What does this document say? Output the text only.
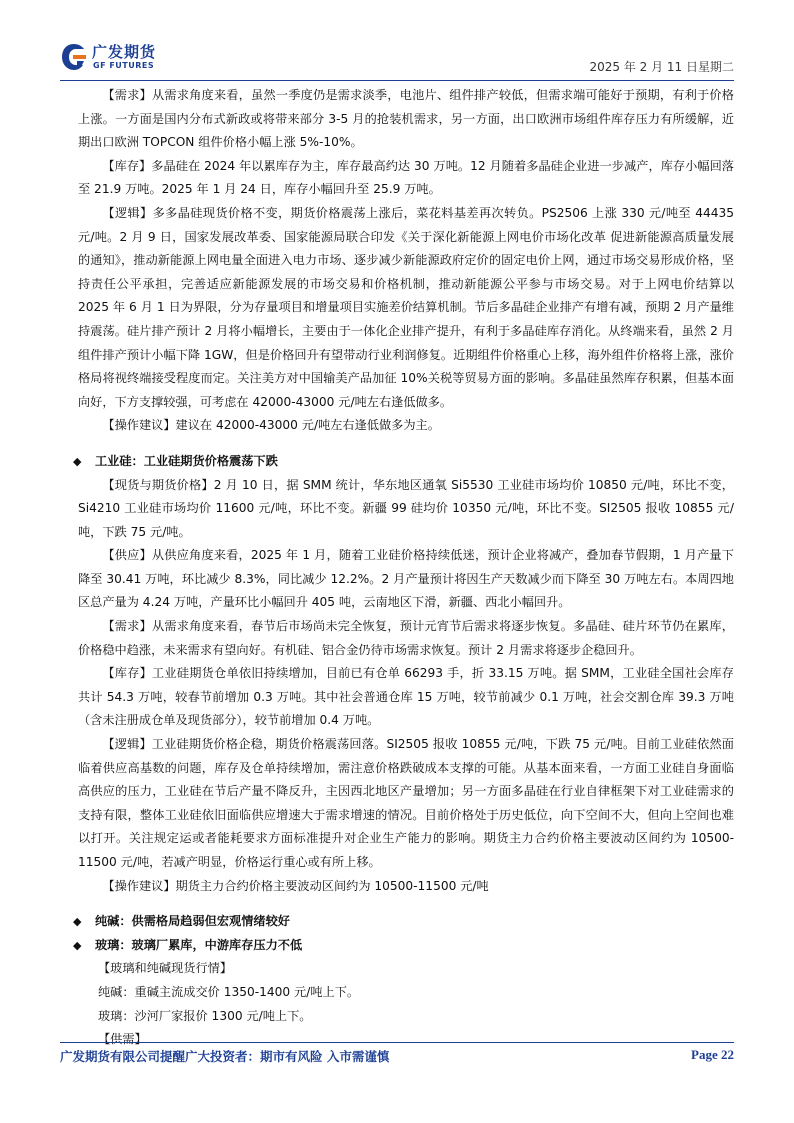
广发期货
GF FUTURES	2025 年 2 月 11 日星期二

【需求】从需求角度来看，虽然一季度仍是需求淡季，电池片、组件排产较低，但需求端可能好于预期，有利于价格上涨。一方面是国内分布式新政或将带来部分 3-5 月的抢装机需求，另一方面，出口欧洲市场组件库存压力有所缓解，近期出口欧洲 TOPCON 组件价格小幅上涨 5%-10%。

【库存】多晶硅在 2024 年以累库存为主，库存最高约达 30 万吨。12 月随着多晶硅企业进一步减产，库存小幅回落至 21.9 万吨。2025 年 1 月 24 日，库存小幅回升至 25.9 万吨。

【逻辑】多多晶硅现货价格不变，期货价格震荡上涨后，菜花料基差再次转负。PS2506 上涨 330 元/吨至 44435 元/吨。2 月 9 日，国家发展改革委、国家能源局联合印发《关于深化新能源上网电价市场化改革 促进新能源高质量发展的通知》，推动新能源上网电量全面进入电力市场、逐步减少新能源政府定价的固定电价上网，通过市场交易形成价格，坚持责任公平承担，完善适应新能源发展的市场交易和价格机制，推动新能源公平参与市场交易。对于上网电价结算以 2025 年 6 月 1 日为界限，分为存量项目和增量项目实施差价结算机制。节后多晶硅企业排产有增有减，预期 2 月产量维持震荡。硅片排产预计 2 月将小幅增长，主要由于一体化企业排产提升，有利于多晶硅库存消化。从终端来看，虽然 2 月组件排产预计小幅下降 1GW，但是价格回升有望带动行业利润修复。近期组件价格重心上移，海外组件价格将上涨，涨价格局将视终端接受程度而定。关注美方对中国输美产品加征 10%关税等贸易方面的影响。多晶硅虽然库存积累，但基本面向好，下方支撑较强，可考虑在 42000-43000 元/吨左右逢低做多。

【操作建议】建议在 42000-43000 元/吨左右逢低做多为主。

◆ 工业硅：工业硅期货价格震荡下跌

【现货与期货价格】2 月 10 日，据 SMM 统计，华东地区通氧 Si5530 工业硅市场均价 10850 元/吨，环比不变，Si4210 工业硅市场均价 11600 元/吨，环比不变。新疆 99 硅均价 10350 元/吨，环比不变。SI2505 报收 10855 元/吨，下跌 75 元/吨。

【供应】从供应角度来看，2025 年 1 月，随着工业硅价格持续低迷，预计企业将减产，叠加春节假期，1 月产量下降至 30.41 万吨，环比减少 8.3%，同比减少 12.2%。2 月产量预计将因生产天数减少而下降至 30 万吨左右。本周四地区总产量为 4.24 万吨，产量环比小幅回升 405 吨，云南地区下滑，新疆、西北小幅回升。

【需求】从需求角度来看，春节后市场尚未完全恢复，预计元宵节后需求将逐步恢复。多晶硅、硅片环节仍在累库，价格稳中趋涨，未来需求有望向好。有机硅、铝合金仍待市场需求恢复。预计 2 月需求将逐步企稳回升。

【库存】工业硅期货仓单依旧持续增加，目前已有仓单 66293 手，折 33.15 万吨。据 SMM，工业硅全国社会库存共计 54.3 万吨，较春节前增加 0.3 万吨。其中社会普通仓库 15 万吨，较节前减少 0.1 万吨，社会交割仓库 39.3 万吨（含未注册成仓单及现货部分），较节前增加 0.4 万吨。

【逻辑】工业硅期货价格企稳，期货价格震荡回落。SI2505 报收 10855 元/吨，下跌 75 元/吨。目前工业硅依然面临着供应高基数的问题，库存及仓单持续增加，需注意价格跌破成本支撑的可能。从基本面来看，一方面工业硅自身面临高供应的压力，工业硅在节后产量不降反升，主因西北地区产量增加；另一方面多晶硅在行业自律框架下对工业硅需求的支持有限，整体工业硅依旧面临供应增速大于需求增速的情况。目前价格处于历史低位，向下空间不大，但向上空间也难以打开。关注规定运或者能耗要求方面标准提升对企业生产能力的影响。期货主力合约价格主要波动区间约为 10500-11500 元/吨，若减产明显，价格运行重心或有所上移。

【操作建议】期货主力合约价格主要波动区间约为 10500-11500 元/吨

◆ 纯碱：供需格局趋弱但宏观情绪较好

◆ 玻璃：玻璃厂累库，中游库存压力不低

【玻璃和纯碱现货行情】

纯碱：重碱主流成交价 1350-1400 元/吨上下。

玻璃：沙河厂家报价 1300 元/吨上下。

【供需】

广发期货有限公司提醒广大投资者：期市有风险 入市需谨慎	Page 22
